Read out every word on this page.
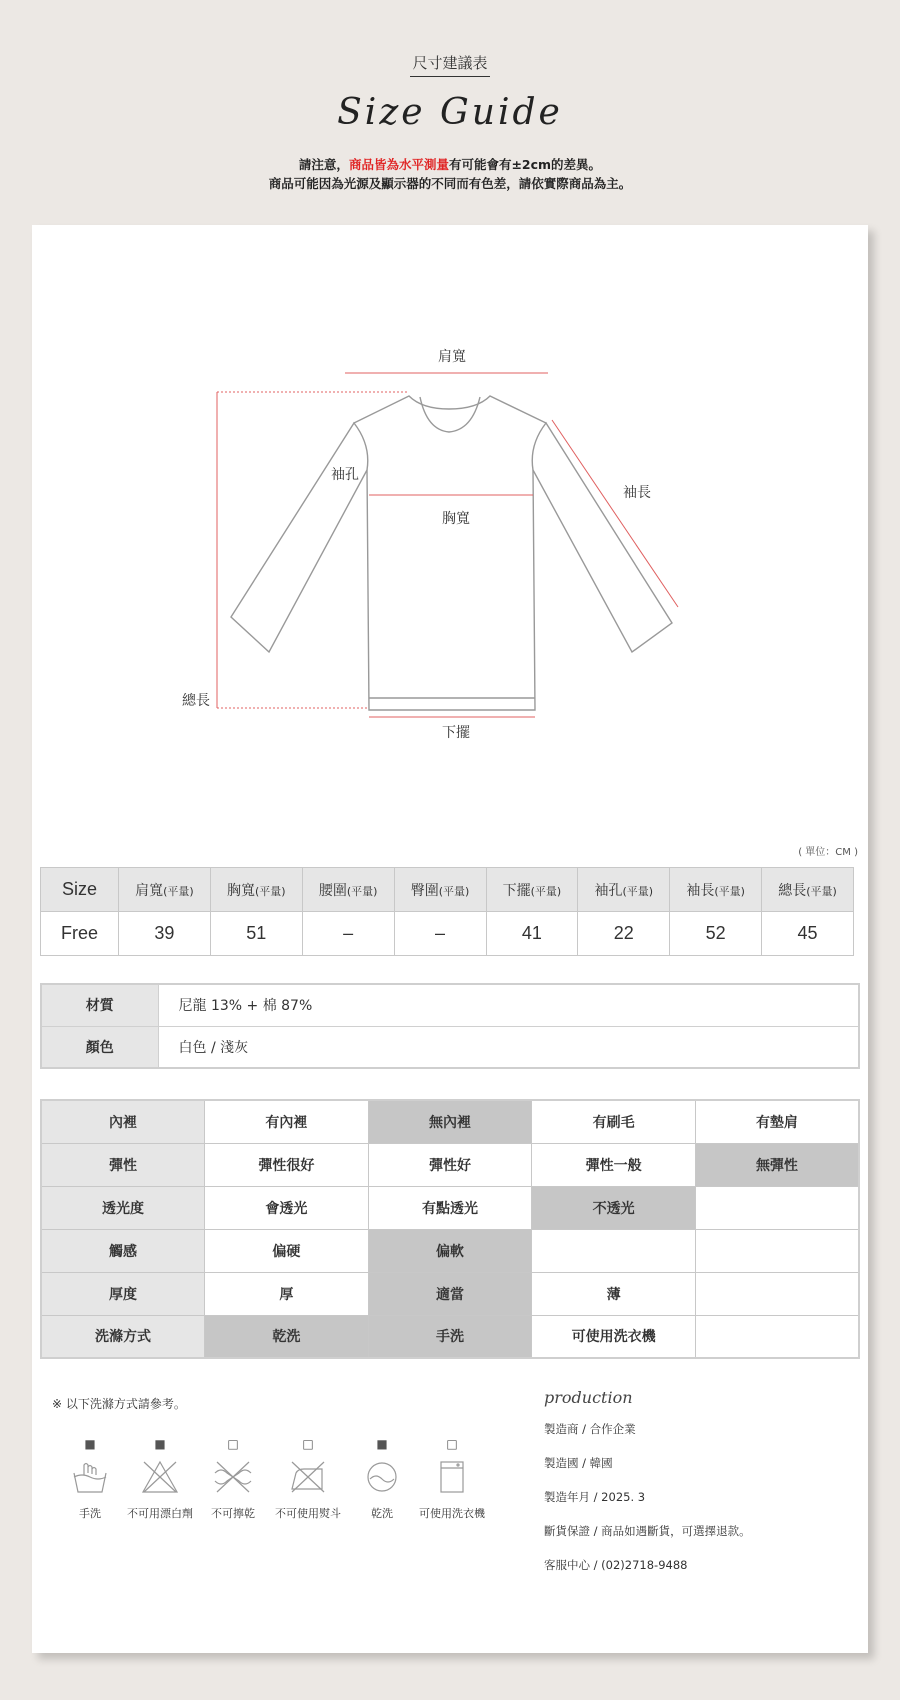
尺寸建議表
Size Guide
請注意，商品皆為水平測量有可能會有±2cm的差異。
商品可能因為光源及顯示器的不同而有色差，請依實際商品為主。
肩寬
袖孔
袖長
胸寬
總長
下擺
( 單位：CM )
Size	肩寬(平量)	胸寬(平量)	腰圍(平量)	臀圍(平量)	下擺(平量)	袖孔(平量)	袖長(平量)	總長(平量)
Free	39	51	–	–	41	22	52	45
材質	尼龍 13% + 棉 87%
顏色	白色 / 淺灰
內裡	有內裡	無內裡	有刷毛	有墊肩
彈性	彈性很好	彈性好	彈性一般	無彈性
透光度	會透光	有點透光	不透光	
觸感	偏硬	偏軟		
厚度	厚	適當	薄	
洗滌方式	乾洗	手洗	可使用洗衣機	
※ 以下洗滌方式請參考。
■
手洗
■
不可用漂白劑
□
不可擰乾
□
不可使用熨斗
■
乾洗
□
可使用洗衣機
production
製造商 / 合作企業
製造國 / 韓國
製造年月 / 2025. 3
斷貨保證 / 商品如遇斷貨，可選擇退款。
客服中心 / (02)2718-9488
